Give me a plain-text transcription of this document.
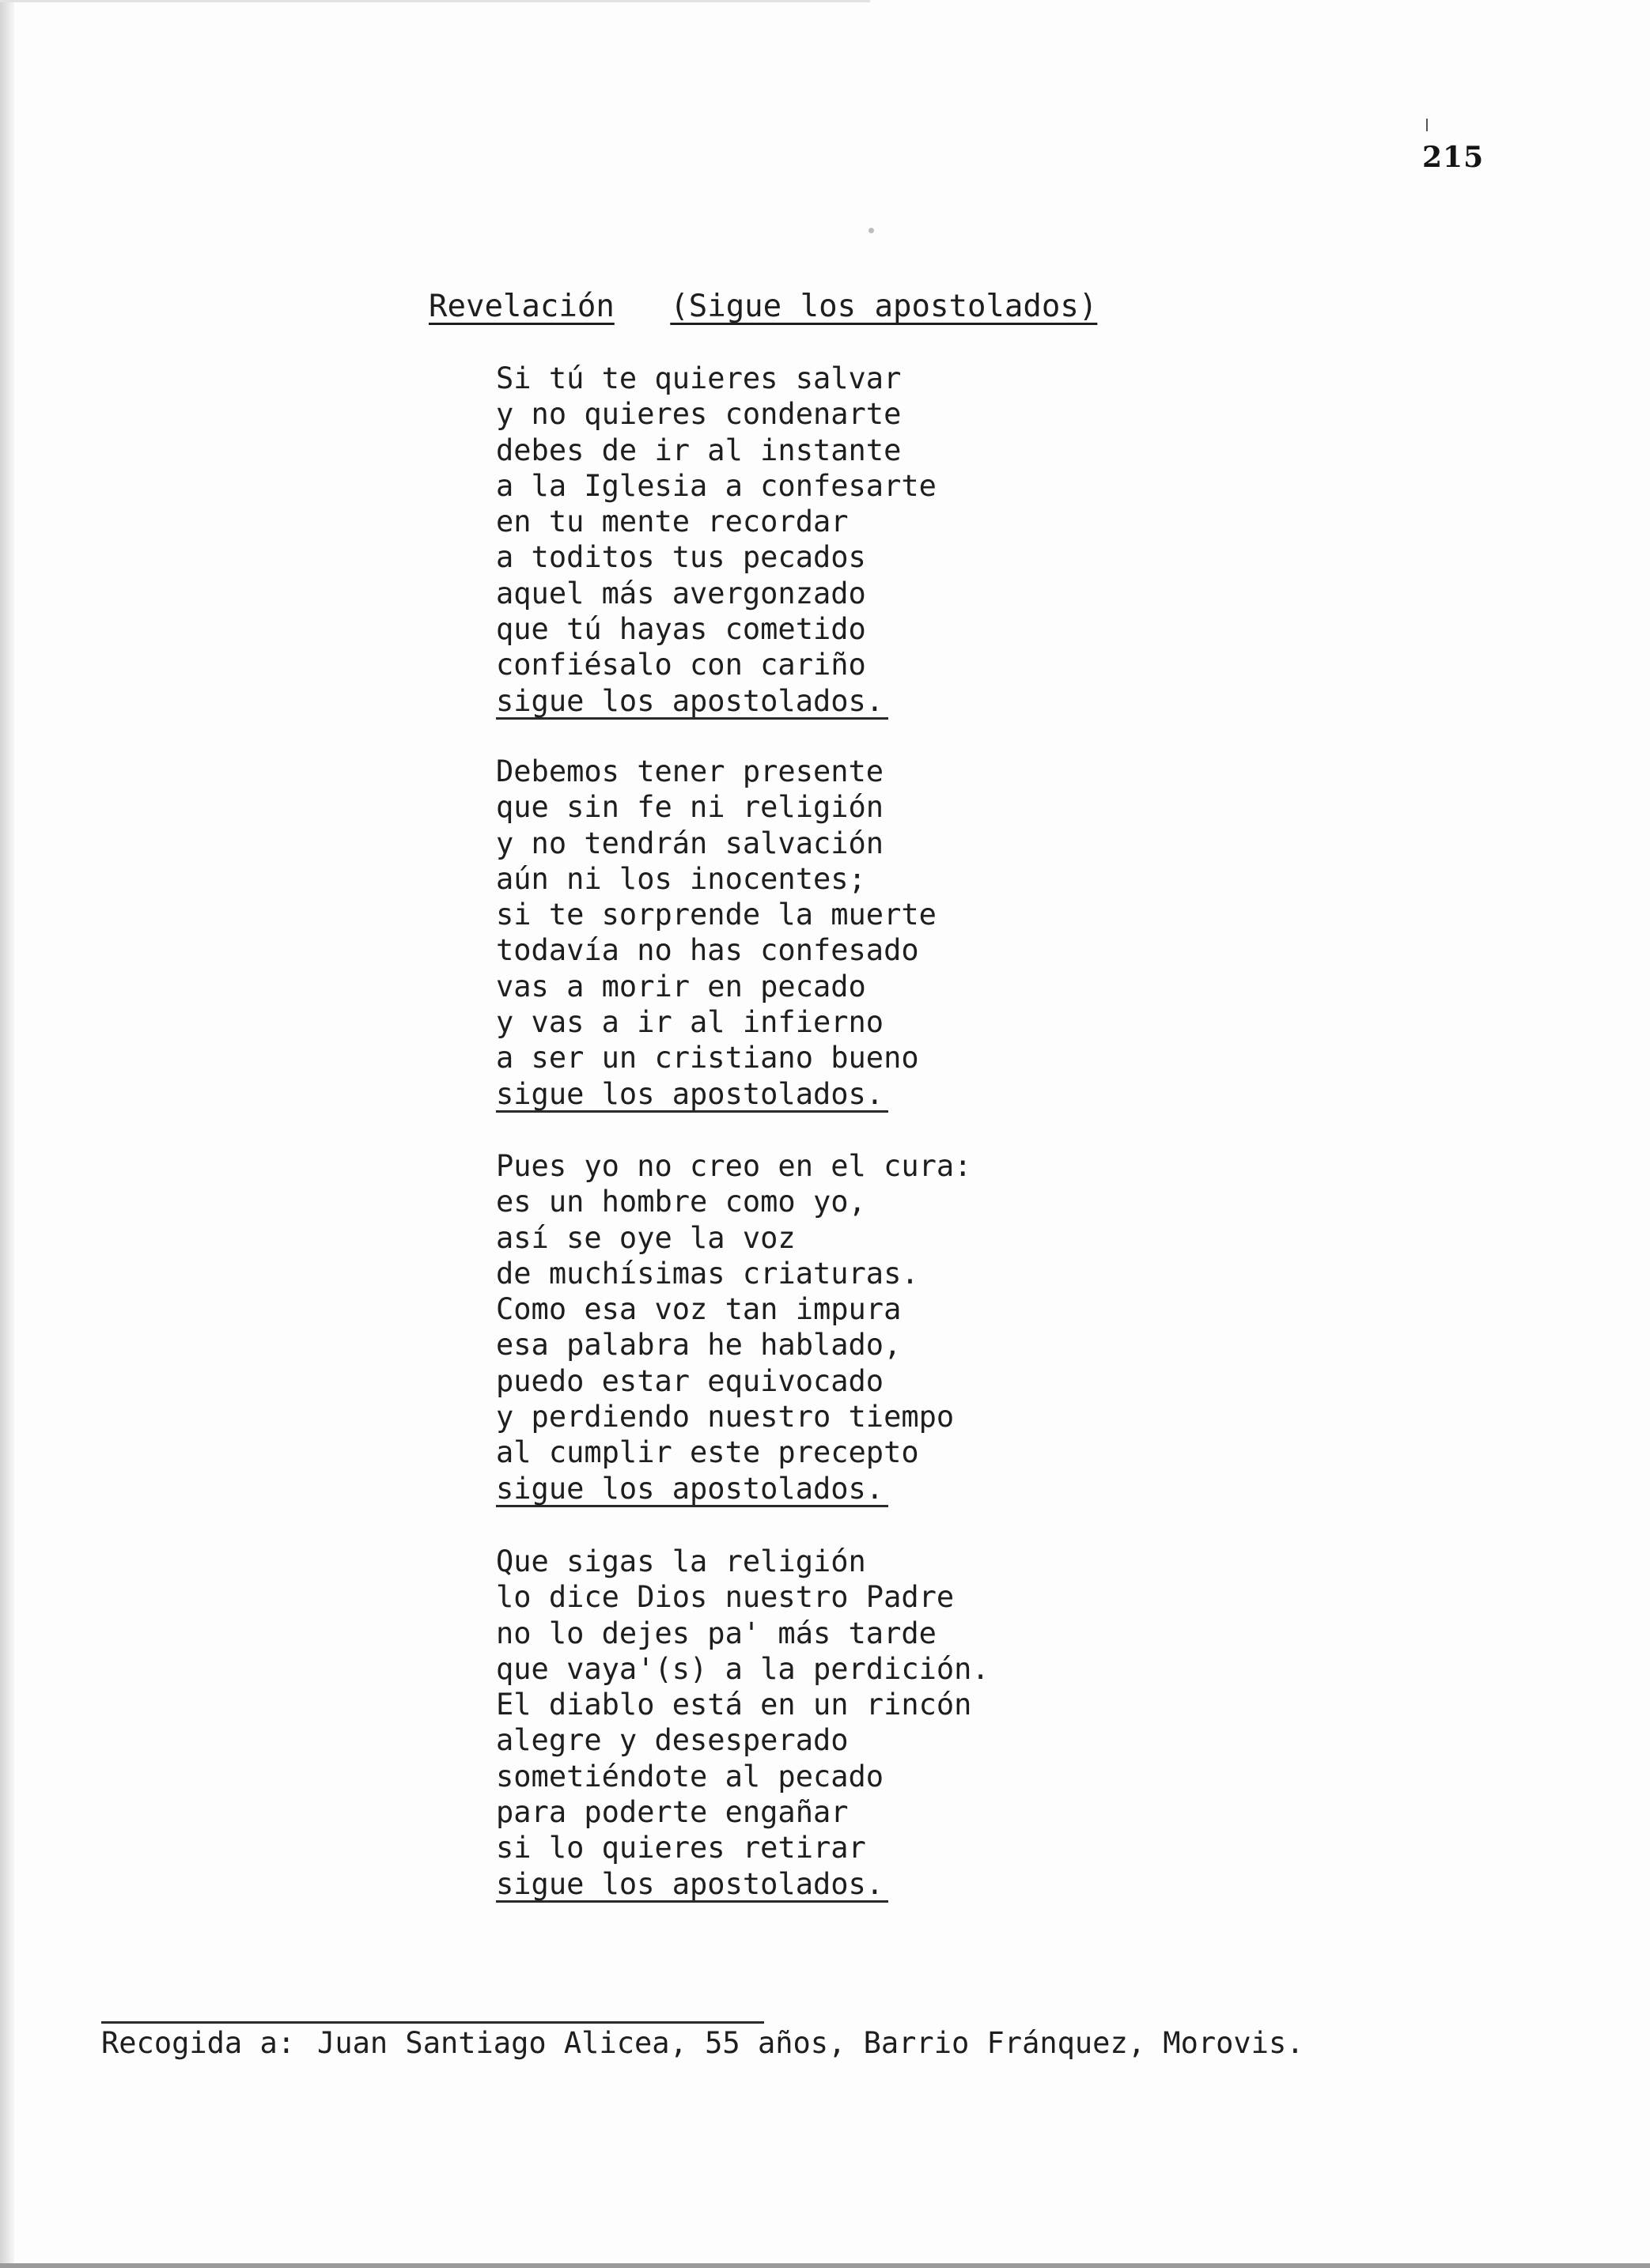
215
Revelación (Sigue los apostolados)
Si tú te quieres salvar
y no quieres condenarte
debes de ir al instante
a la Iglesia a confesarte
en tu mente recordar
a toditos tus pecados
aquel más avergonzado
que tú hayas cometido
confiésalo con cariño
sigue los apostolados.
Debemos tener presente
que sin fe ni religión
y no tendrán salvación
aún ni los inocentes;
si te sorprende la muerte
todavía no has confesado
vas a morir en pecado
y vas a ir al infierno
a ser un cristiano bueno
sigue los apostolados.
Pues yo no creo en el cura:
es un hombre como yo,
así se oye la voz
de muchísimas criaturas.
Como esa voz tan impura
esa palabra he hablado,
puedo estar equivocado
y perdiendo nuestro tiempo
al cumplir este precepto
sigue los apostolados.
Que sigas la religión
lo dice Dios nuestro Padre
no lo dejes pa' más tarde
que vaya'(s) a la perdición.
El diablo está en un rincón
alegre y desesperado
sometiéndote al pecado
para poderte engañar
si lo quieres retirar
sigue los apostolados.
Recogida a: Juan Santiago Alicea, 55 años, Barrio Fránquez, Morovis.
